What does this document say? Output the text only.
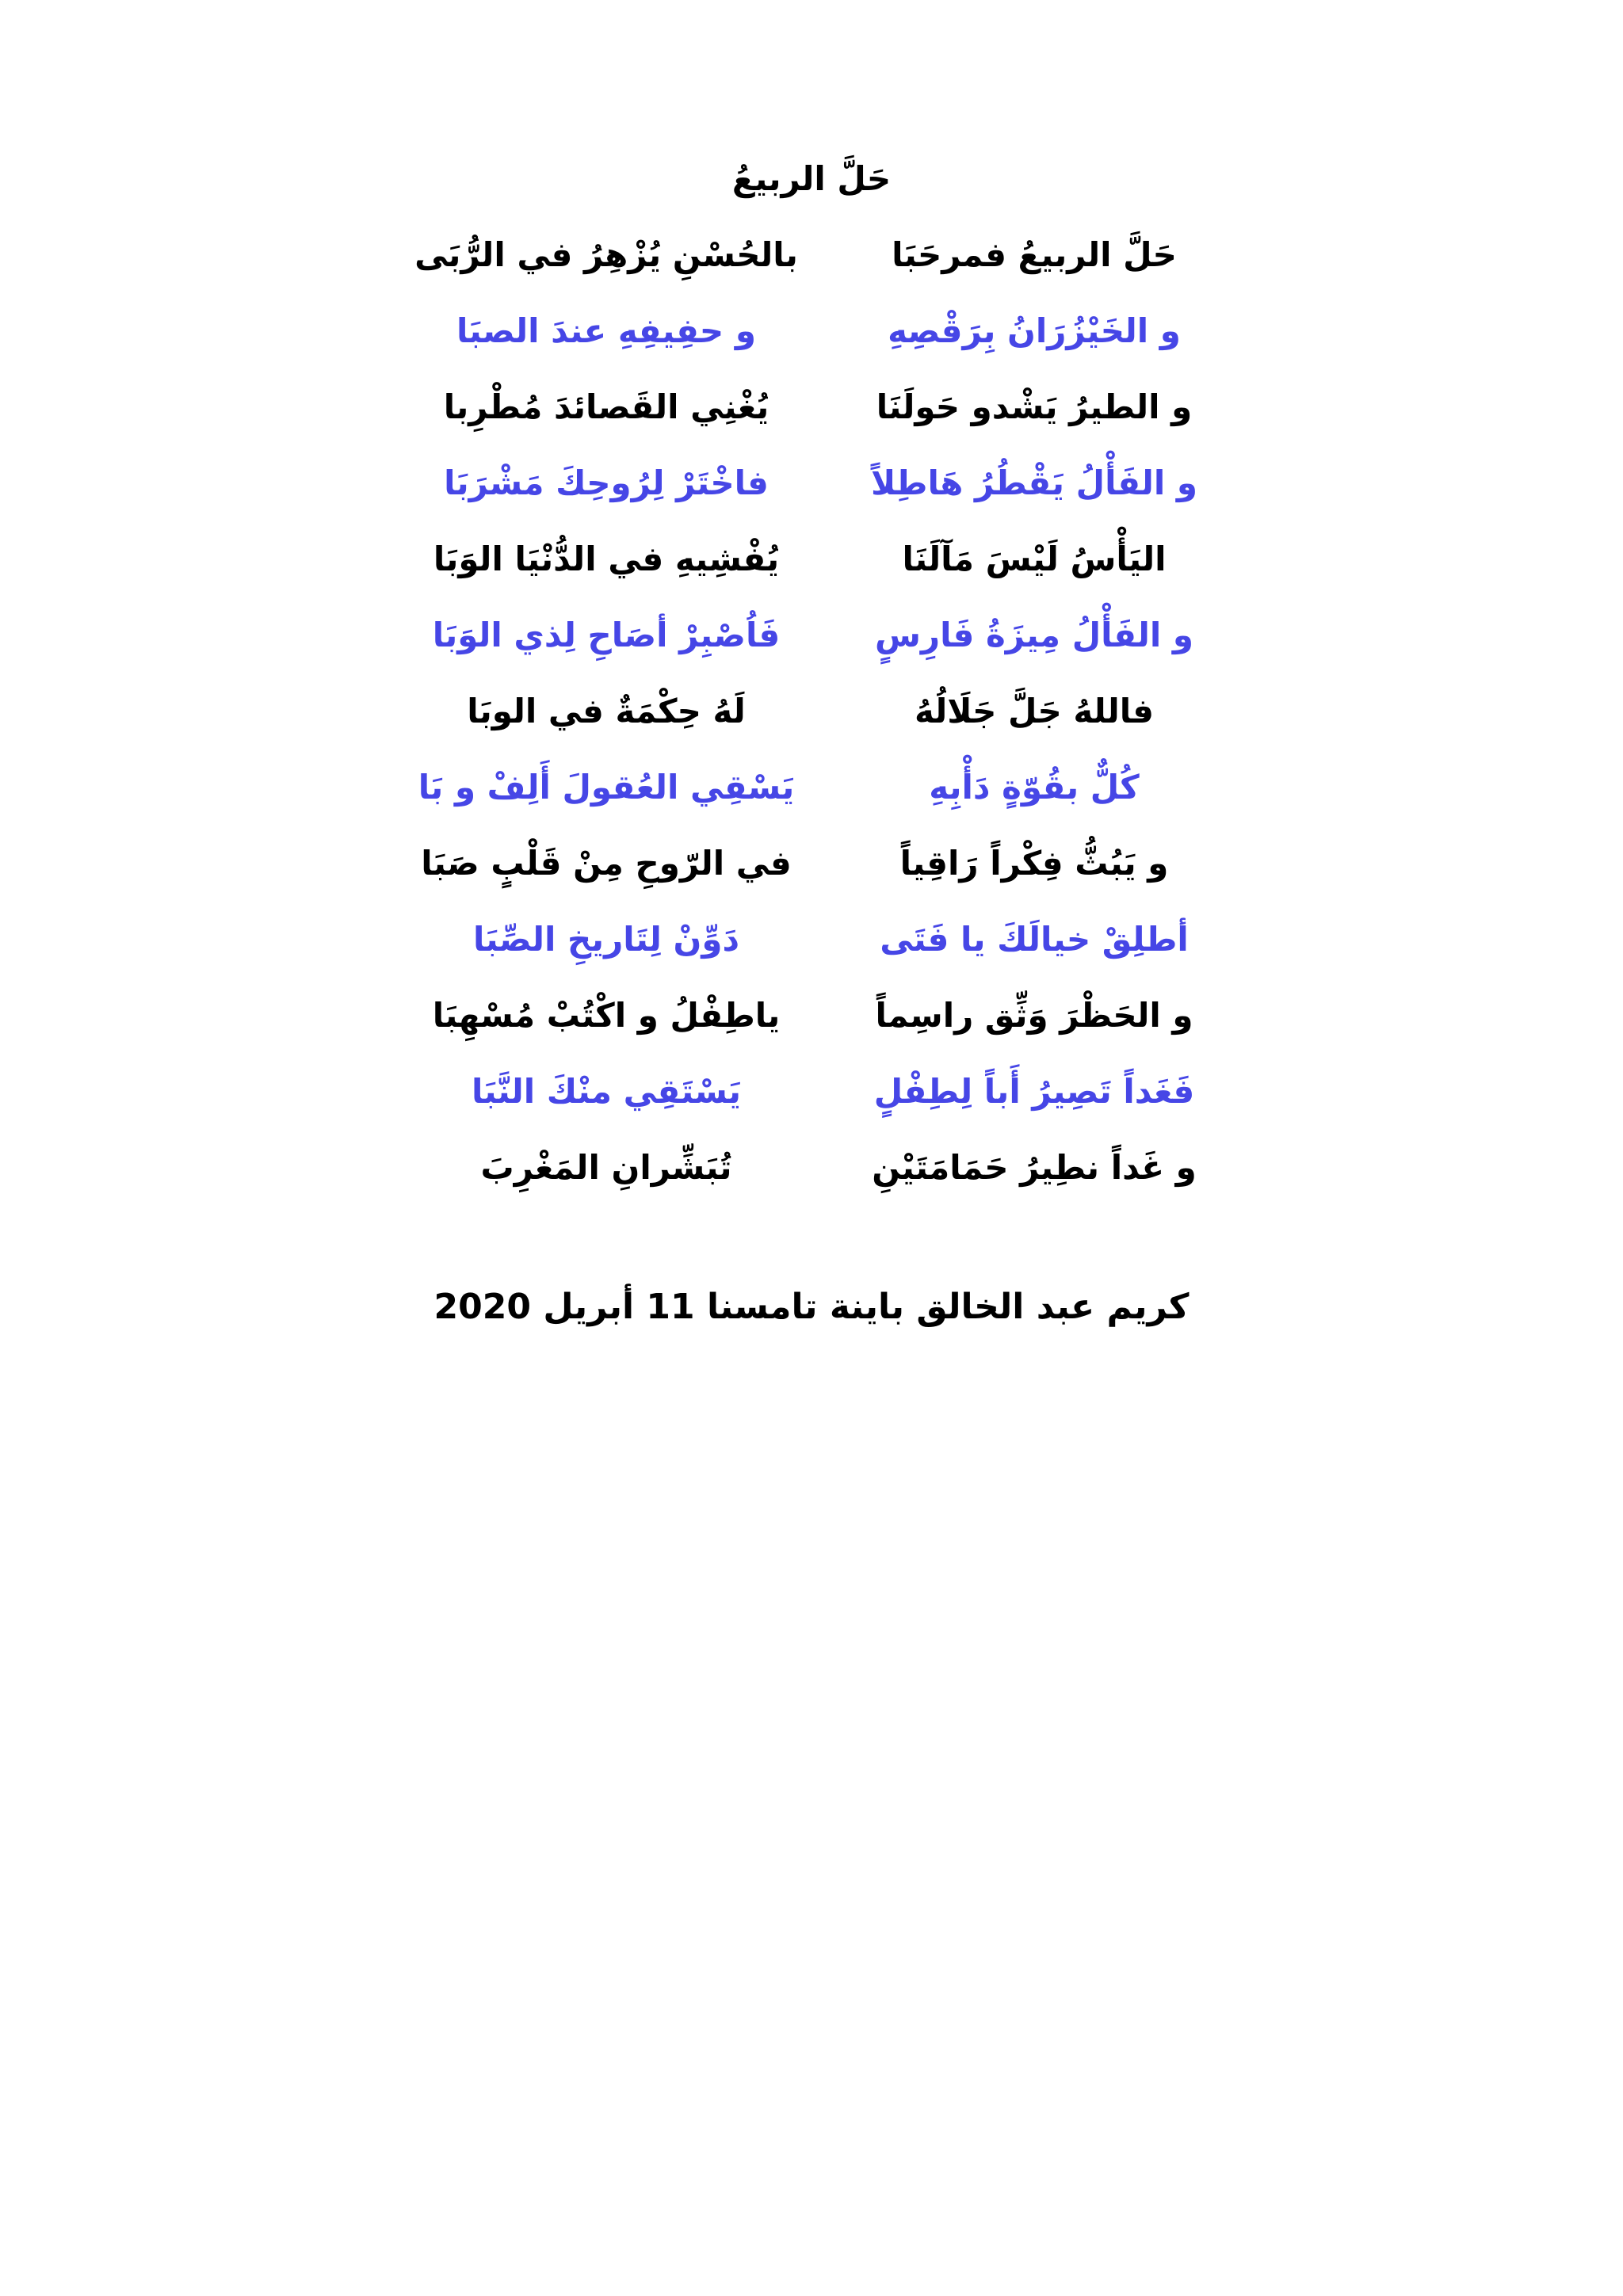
حَلَّ الربيعُ
حَلَّ الربيعُ فمرحَبَا
بالحُسْنِ يُزْهِرُ في الرُّبَى
و الخَيْزُرَانُ بِرَقْصِهِ
و حفِيفِهِ عندَ الصبَا
و الطيرُ يَشْدو حَولَنَا
يُغْنِي القَصائدَ مُطْرِبا
و الفَأْلُ يَقْطُرُ هَاطِلاً
فاخْتَرْ لِرُوحِكَ مَشْرَبَا
اليَأْسُ لَيْسَ مَآلَنَا
يُفْشِيهِ في الدُّنْيَا الوَبَا
و الفَأْلُ مِيزَةُ فَارِسٍ
فَاُصْبِرْ أصَاحِ لِذي الوَبَا
فاللهُ جَلَّ جَلَالُهُ
لَهُ حِكْمَةٌ في الوبَا
كُلٌّ بقُوّةٍ دَأْبِهِ
يَسْقِي العُقولَ أَلِفْ و بَا
و يَبُثُّ فِكْراً رَاقِياً
في الرّوحِ مِنْ قَلْبٍ صَبَا
أطلِقْ خيالَكَ يا فَتَى
دَوِّنْ لِتَاريخِ الصِّبَا
و الحَظْرَ وَثِّق راسِماً
ياطِفْلُ و اكْتُبْ مُسْهِبَا
فَغَداً تَصِيرُ أَباً لِطِفْلٍ
يَسْتَقِي منْكَ النَّبَا
و غَداً نطِيرُ حَمَامَتَيْنِ
تُبَشِّرانِ المَغْرِبَ
كريم عبد الخالق باينة تامسنا 11 أبريل 2020
